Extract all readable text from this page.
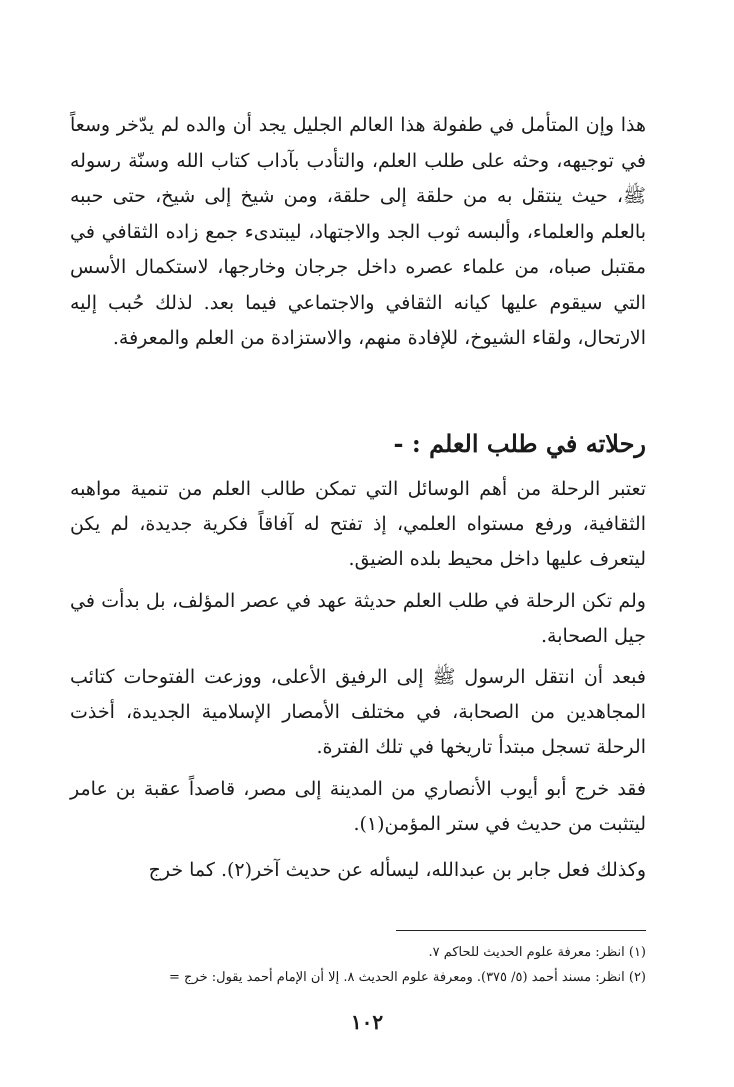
هذا وإن المتأمل في طفولة هذا العالم الجليل يجد أن والده لم يدّخر وسعاً في توجيهه، وحثه على طلب العلم، والتأدب بآداب كتاب الله وسنّة رسوله ﷺ، حيث ينتقل به من حلقة إلى حلقة، ومن شيخ إلى شيخ، حتى حببه بالعلم والعلماء، وألبسه ثوب الجد والاجتهاد، ليبتدىء جمع زاده الثقافي في مقتبل صباه، من علماء عصره داخل جرجان وخارجها، لاستكمال الأسس التي سيقوم عليها كيانه الثقافي والاجتماعي فيما بعد. لذلك حُبب إليه الارتحال، ولقاء الشيوخ، للإفادة منهم، والاستزادة من العلم والمعرفة.

رحلاته في طلب العلم : -

تعتبر الرحلة من أهم الوسائل التي تمكن طالب العلم من تنمية مواهبه الثقافية، ورفع مستواه العلمي، إذ تفتح له آفاقاً فكرية جديدة، لم يكن ليتعرف عليها داخل محيط بلده الضيق.

ولم تكن الرحلة في طلب العلم حديثة عهد في عصر المؤلف، بل بدأت في جيل الصحابة.

فبعد أن انتقل الرسول ﷺ إلى الرفيق الأعلى، ووزعت الفتوحات كتائب المجاهدين من الصحابة، في مختلف الأمصار الإسلامية الجديدة، أخذت الرحلة تسجل مبتدأ تاريخها في تلك الفترة.

فقد خرج أبو أيوب الأنصاري من المدينة إلى مصر، قاصداً عقبة بن عامر ليتثبت من حديث في ستر المؤمن(١).

وكذلك فعل جابر بن عبدالله، ليسأله عن حديث آخر(٢). كما خرج

(١) انظر: معرفة علوم الحديث للحاكم ٧.
(٢) انظر: مسند أحمد (٥/ ٣٧٥). ومعرفة علوم الحديث ٨. إلا أن الإمام أحمد يقول: خرج =
١٠٢
